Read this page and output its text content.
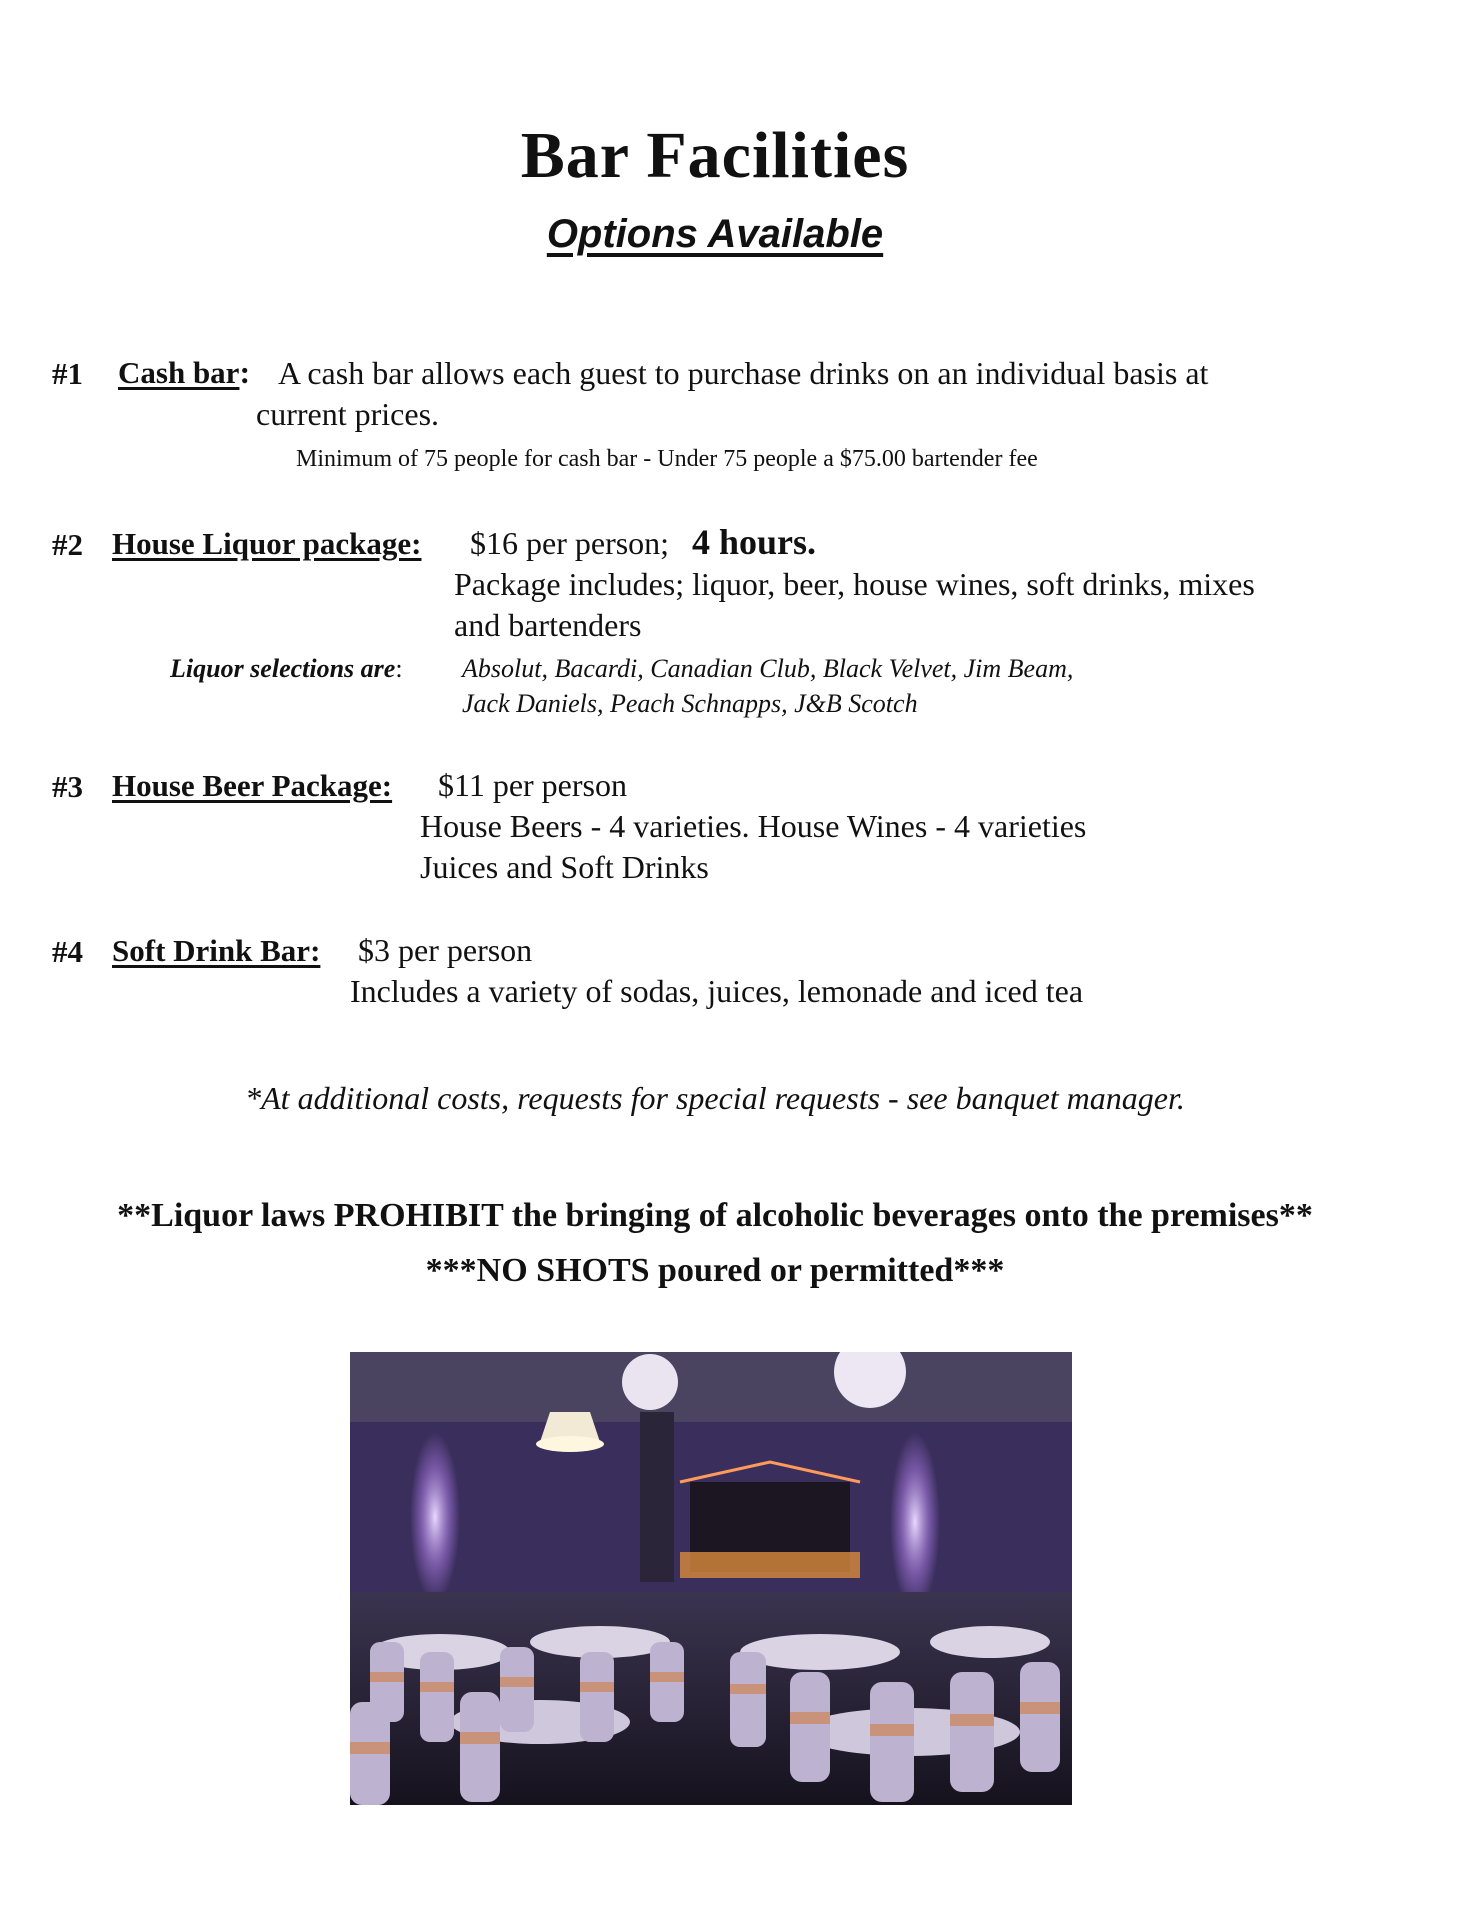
Bar Facilities
Options Available
#1 Cash bar: A cash bar allows each guest to purchase drinks on an individual basis at
current prices.
Minimum of 75 people for cash bar - Under 75 people a $75.00 bartender fee
#2 House Liquor package: $16 per person; 4 hours.
Package includes; liquor, beer, house wines, soft drinks, mixes
and bartenders
Liquor selections are: Absolut, Bacardi, Canadian Club, Black Velvet, Jim Beam,
Jack Daniels, Peach Schnapps, J&B Scotch
#3 House Beer Package: $11 per person
House Beers - 4 varieties. House Wines - 4 varieties
Juices and Soft Drinks
#4 Soft Drink Bar: $3 per person
Includes a variety of sodas, juices, lemonade and iced tea
*At additional costs, requests for special requests - see banquet manager.
**Liquor laws PROHIBIT the bringing of alcoholic beverages onto the premises**
***NO SHOTS poured or permitted***
